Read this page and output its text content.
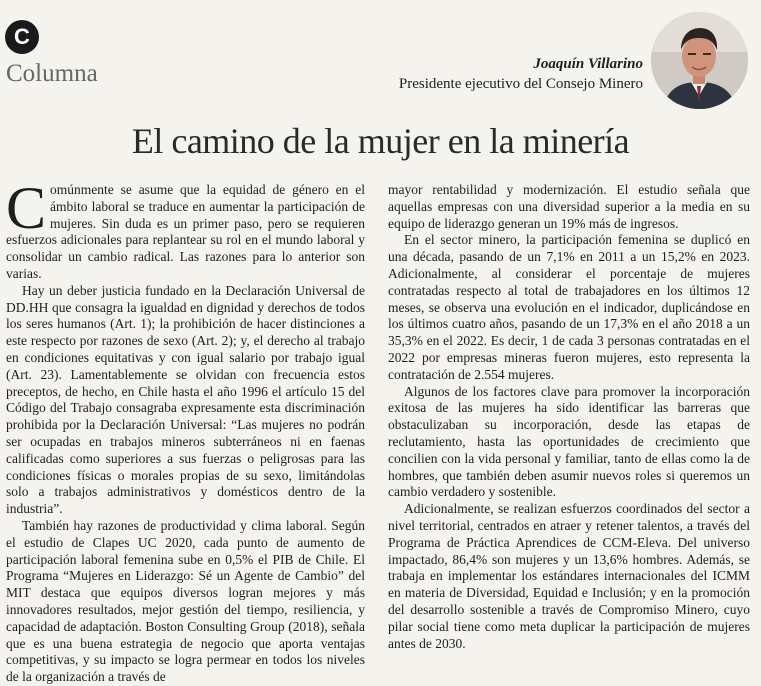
C
Columna	Joaquín Villarino
Presidente ejecutivo del Consejo Minero
El camino de la mujer en la minería

Comúnmente se asume que la equidad de género en el ámbito laboral se traduce en aumentar la participación de mujeres. Sin duda es un primer paso, pero se requieren esfuerzos adicionales para replantear su rol en el mundo laboral y consolidar un cambio radical. Las razones para lo anterior son varias.

Hay un deber justicia fundado en la Declaración Universal de DD.HH que consagra la igualdad en dignidad y derechos de todos los seres humanos (Art. 1); la prohibición de hacer distinciones a este respecto por razones de sexo (Art. 2); y, el derecho al trabajo en condiciones equitativas y con igual salario por trabajo igual (Art. 23). Lamentablemente se olvidan con frecuencia estos preceptos, de hecho, en Chile hasta el año 1996 el artículo 15 del Código del Trabajo consagraba expresamente esta discriminación prohibida por la Declaración Universal: “Las mujeres no podrán ser ocupadas en trabajos mineros subterráneos ni en faenas calificadas como superiores a sus fuerzas o peligrosas para las condiciones físicas o morales propias de su sexo, limitándolas solo a trabajos administrativos y domésticos dentro de la industria”.

También hay razones de productividad y clima laboral. Según el estudio de Clapes UC 2020, cada punto de aumento de participación laboral femenina sube en 0,5% el PIB de Chile. El Programa “Mujeres en Liderazgo: Sé un Agente de Cambio” del MIT destaca que equipos diversos logran mejores y más innovadores resultados, mejor gestión del tiempo, resiliencia, y capacidad de adaptación. Boston Consulting Group (2018), señala que es una buena estrategia de negocio que aporta ventajas competitivas, y su impacto se logra permear en todos los niveles de la organización a través de

mayor rentabilidad y modernización. El estudio señala que aquellas empresas con una diversidad superior a la media en su equipo de liderazgo generan un 19% más de ingresos.

En el sector minero, la participación femenina se duplicó en una década, pasando de un 7,1% en 2011 a un 15,2% en 2023. Adicionalmente, al considerar el porcentaje de mujeres contratadas respecto al total de trabajadores en los últimos 12 meses, se observa una evolución en el indicador, duplicándose en los últimos cuatro años, pasando de un 17,3% en el año 2018 a un 35,3% en el 2022. Es decir, 1 de cada 3 personas contratadas en el 2022 por empresas mineras fueron mujeres, esto representa la contratación de 2.554 mujeres.

Algunos de los factores clave para promover la incorporación exitosa de las mujeres ha sido identificar las barreras que obstaculizaban su incorporación, desde las etapas de reclutamiento, hasta las oportunidades de crecimiento que concilien con la vida personal y familiar, tanto de ellas como la de hombres, que también deben asumir nuevos roles si queremos un cambio verdadero y sostenible.

Adicionalmente, se realizan esfuerzos coordinados del sector a nivel territorial, centrados en atraer y retener talentos, a través del Programa de Práctica Aprendices de CCM-Eleva. Del universo impactado, 86,4% son mujeres y un 13,6% hombres. Además, se trabaja en implementar los estándares internacionales del ICMM en materia de Diversidad, Equidad e Inclusión; y en la promoción del desarrollo sostenible a través de Compromiso Minero, cuyo pilar social tiene como meta duplicar la participación de mujeres antes de 2030.
